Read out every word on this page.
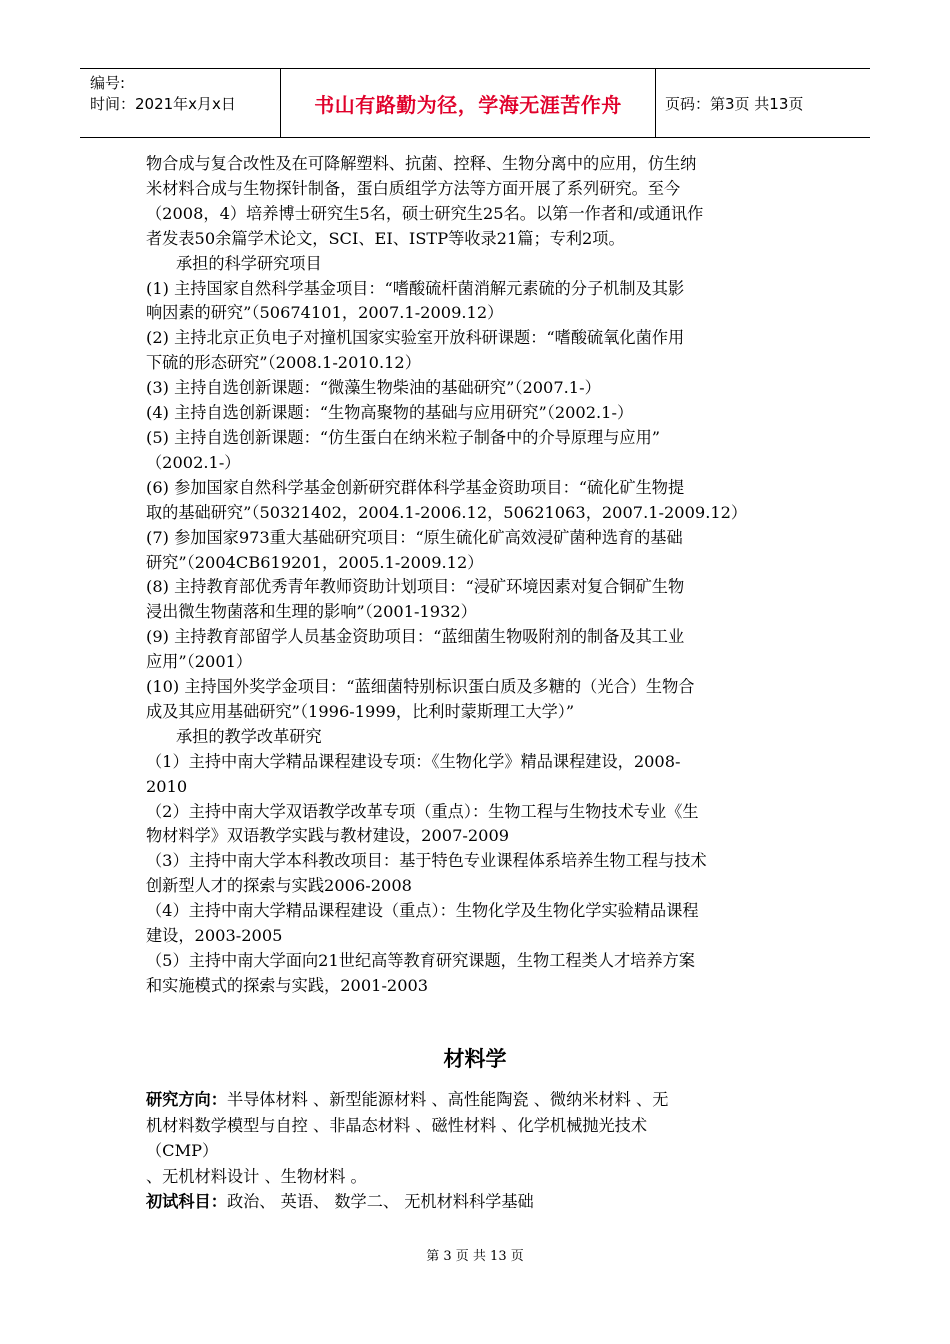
编号:
时间：2021年x月x日	书山有路勤为径，学海无涯苦作舟	页码：第3页 共13页

物合成与复合改性及在可降解塑料、抗菌、控释、生物分离中的应用，仿生纳

米材料合成与生物探针制备，蛋白质组学方法等方面开展了系列研究。至今

（2008，4）培养博士研究生5名，硕士研究生25名。以第一作者和/或通讯作

者发表50余篇学术论文，SCI、EI、ISTP等收录21篇；专利2项。

承担的科学研究项目

(1) 主持国家自然科学基金项目：“嗜酸硫杆菌消解元素硫的分子机制及其影

响因素的研究”（50674101，2007.1-2009.12）

(2) 主持北京正负电子对撞机国家实验室开放科研课题：“嗜酸硫氧化菌作用

下硫的形态研究”（2008.1-2010.12）

(3) 主持自选创新课题：“微藻生物柴油的基础研究”（2007.1-）

(4) 主持自选创新课题：“生物高聚物的基础与应用研究”（2002.1-）

(5) 主持自选创新课题：“仿生蛋白在纳米粒子制备中的介导原理与应用”

（2002.1-）

(6) 参加国家自然科学基金创新研究群体科学基金资助项目：“硫化矿生物提

取的基础研究”（50321402，2004.1-2006.12，50621063，2007.1-2009.12）

(7) 参加国家973重大基础研究项目：“原生硫化矿高效浸矿菌种选育的基础

研究”（2004CB619201，2005.1-2009.12）

(8) 主持教育部优秀青年教师资助计划项目：“浸矿环境因素对复合铜矿生物

浸出微生物菌落和生理的影响”（2001-1932）

(9) 主持教育部留学人员基金资助项目：“蓝细菌生物吸附剂的制备及其工业

应用”（2001）

(10) 主持国外奖学金项目：“蓝细菌特别标识蛋白质及多糖的（光合）生物合

成及其应用基础研究”（1996-1999，比利时蒙斯理工大学）”

承担的教学改革研究

（1）主持中南大学精品课程建设专项：《生物化学》精品课程建设，2008-

2010

（2）主持中南大学双语教学改革专项（重点）：生物工程与生物技术专业《生

物材料学》双语教学实践与教材建设，2007-2009

（3）主持中南大学本科教改项目：基于特色专业课程体系培养生物工程与技术

创新型人才的探索与实践2006-2008

（4）主持中南大学精品课程建设（重点）：生物化学及生物化学实验精品课程

建设，2003-2005

（5）主持中南大学面向21世纪高等教育研究课题，生物工程类人才培养方案

和实施模式的探索与实践，2001-2003

材料学

研究方向：半导体材料 、新型能源材料 、高性能陶瓷 、微纳米材料 、无

机材料数学模型与自控 、非晶态材料 、磁性材料 、化学机械抛光技术

（CMP）

、无机材料设计 、生物材料 。

初试科目：政治、 英语、 数学二、 无机材料科学基础

第 3 页 共 13 页
